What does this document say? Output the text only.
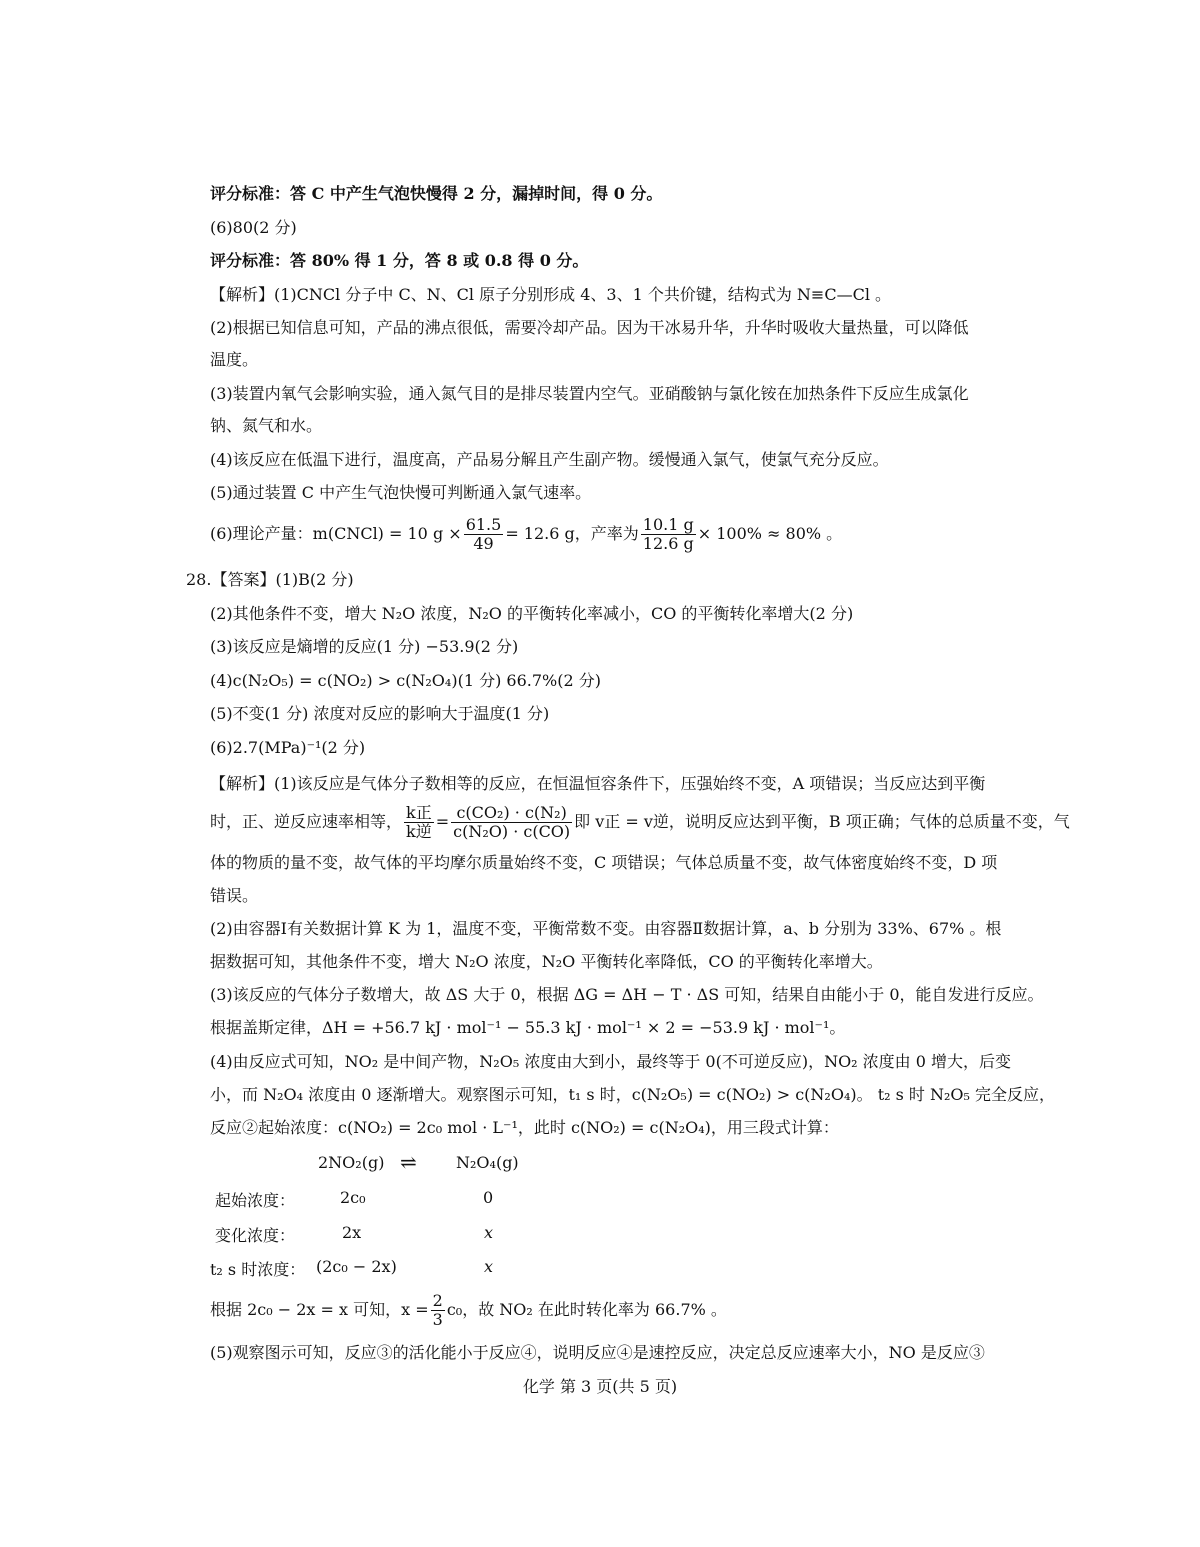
评分标准：答 C 中产生气泡快慢得 2 分，漏掉时间，得 0 分。
(6)80(2 分)
评分标准：答 80% 得 1 分，答 8 或 0.8 得 0 分。
【解析】(1)CNCl 分子中 C、N、Cl 原子分别形成 4、3、1 个共价键，结构式为 N≡C—Cl 。
(2)根据已知信息可知，产品的沸点很低，需要冷却产品。因为干冰易升华，升华时吸收大量热量，可以降低
温度。
(3)装置内氧气会影响实验，通入氮气目的是排尽装置内空气。亚硝酸钠与氯化铵在加热条件下反应生成氯化
钠、氮气和水。
(4)该反应在低温下进行，温度高，产品易分解且产生副产物。缓慢通入氯气，使氯气充分反应。
(5)通过装置 C 中产生气泡快慢可判断通入氯气速率。
(6)理论产量：m(CNCl) = 10 $g \times \frac{61.5}{49} = 12.6$ g，产率为 $\frac{10.1 g}{12.6 g} \times 100\% \approx 80\%$ 。
28.【答案】(1)B(2 分)
(2)其他条件不变，增大 N₂O 浓度，N₂O 的平衡转化率减小，CO 的平衡转化率增大(2 分)
(3)该反应是熵增的反应(1 分) −53.9(2 分)
(4)c(N₂O₅) = c(NO₂) > c(N₂O₄)(1 分) 66.7%(2 分)
(5)不变(1 分) 浓度对反应的影响大于温度(1 分)
(6)2.7(MPa)⁻¹(2 分)
【解析】(1)该反应是气体分子数相等的反应，在恒温恒容条件下，压强始终不变，A 项错误；当反应达到平衡
时，正、逆反应速率相等， $\frac{\text{k正}}{\text{k逆}} = \frac{\text{c(CO₂) · c(N₂)}}{\text{c(N₂O) · c(CO)}}$ 即 v正 = v逆，说明反应达到平衡，B 项正确；气体的总质量不变，气
体的物质的量不变，故气体的平均摩尔质量始终不变，C 项错误；气体总质量不变，故气体密度始终不变，D 项
错误。
(2)由容器Ⅰ有关数据计算 K 为 1，温度不变，平衡常数不变。由容器Ⅱ数据计算，a、b 分别为 33%、67% 。根
据数据可知，其他条件不变，增大 N₂O 浓度，N₂O 平衡转化率降低，CO 的平衡转化率增大。
(3)该反应的气体分子数增大，故 ΔS 大于 0，根据 ΔG = ΔH − T · ΔS 可知，结果自由能小于 0，能自发进行反应。
根据盖斯定律，ΔH = +56.7 kJ · mol⁻¹ − 55.3 kJ · mol⁻¹ × 2 = −53.9 kJ · mol⁻¹。
(4)由反应式可知，NO₂ 是中间产物，N₂O₅ 浓度由大到小，最终等于 0(不可逆反应)，NO₂ 浓度由 0 增大，后变
小，而 N₂O₄ 浓度由 0 逐渐增大。观察图示可知，t₁ s 时，c(N₂O₅) = c(NO₂) > c(N₂O₄)。 t₂ s 时 N₂O₅ 完全反应，
反应②起始浓度：c(NO₂) = 2c₀ mol · L⁻¹，此时 c(NO₂) = c(N₂O₄)，用三段式计算：
2NO₂(g) ⇌ N₂O₄(g)
起始浓度：	2c₀	0
变化浓度：	2x	x
t₂ s 时浓度： (2c₀ − 2x)	x
根据 2c₀ − 2x = x 可知，$x = \frac{2}{3} c_0$，故 NO₂ 在此时转化率为 66.7% 。
(5)观察图示可知，反应③的活化能小于反应④，说明反应④是速控反应，决定总反应速率大小，NO 是反应③
化学 第 3 页(共 5 页)
